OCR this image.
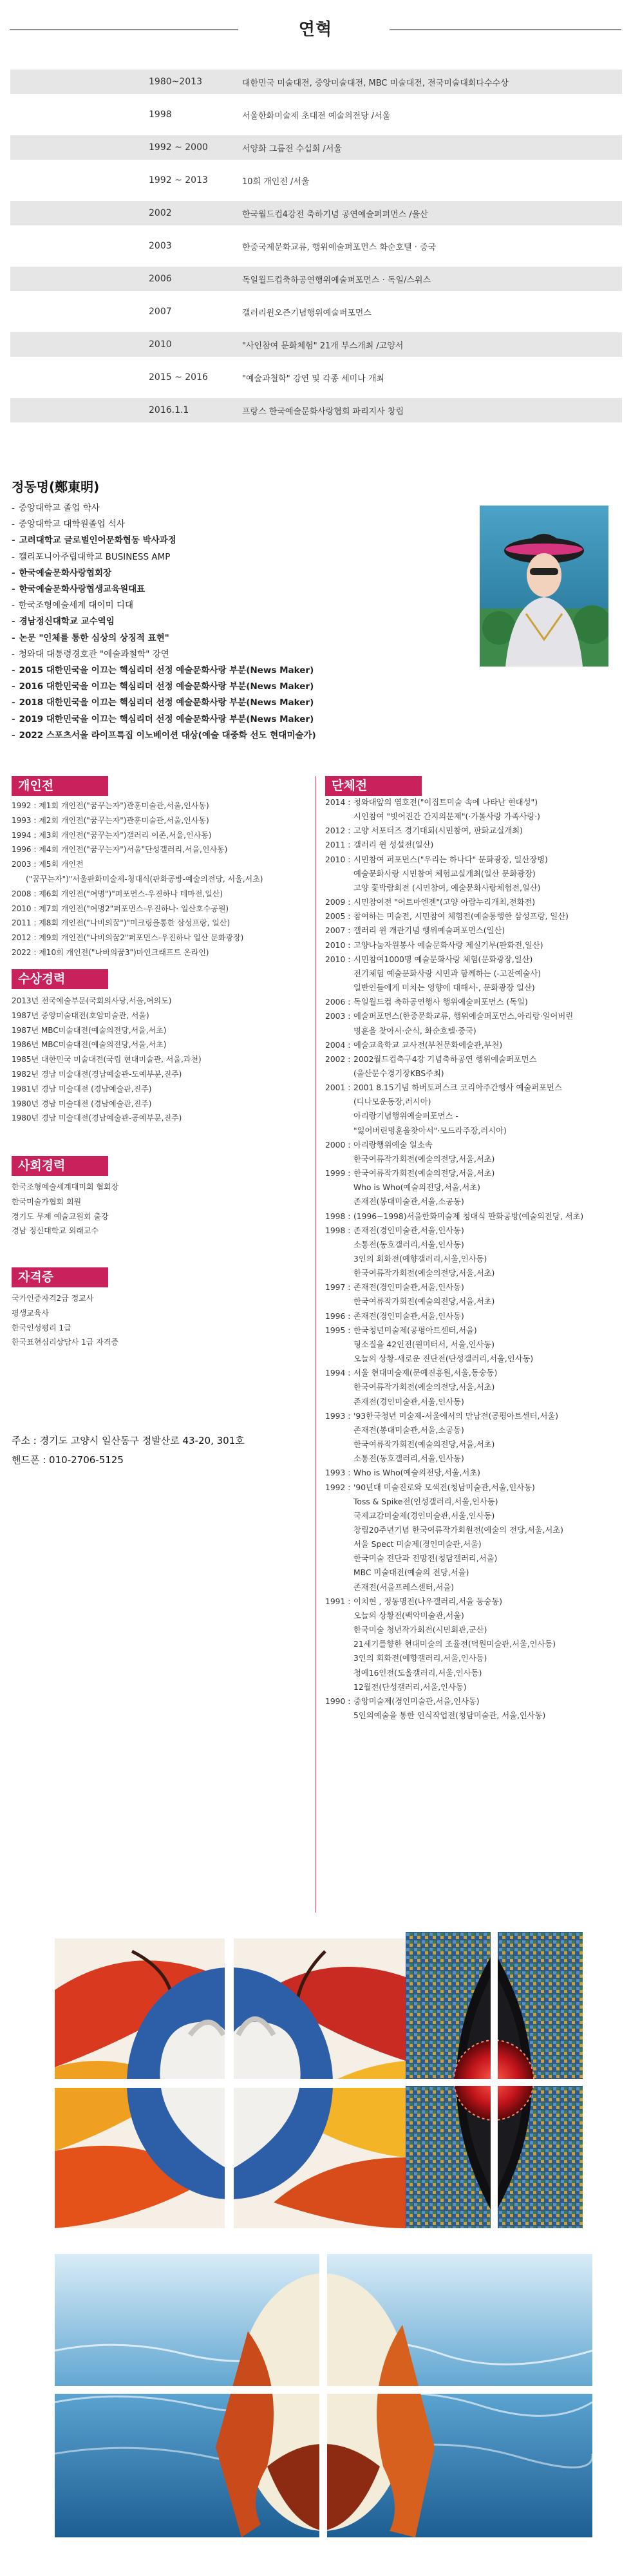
연혁
1980~2013	대한민국 미술대전, 중앙미술대전, MBC 미술대전, 전국미술대회다수수상
1998	서울한화미술제 초대전 예술의전당 /서울
1992 ~ 2000	서양화 그룹전 수십회 /서울
1992 ~ 2013	10회 개인전 /서울
2002	한국월드컵4강전 축하기념 공연예술퍼퍼먼스 /울산
2003	한중국제문화교류, 행위예술퍼포먼스 화순호텔 · 중국
2006	독일월드컵축하공연행위예술퍼포먼스 · 독일/스위스
2007	갤러리윈오즌기념행위예술퍼포먼스
2010	"사인참여 문화체험" 21개 부스개최 /고양서
2015 ~ 2016	"예술과철학" 강연 및 각종 세미나 개최
2016.1.1	프랑스 한국예술문화사랑협회 파리지사 창립
정동명(鄭東明)
- 중앙대학교 졸업 학사
- 중앙대학교 대학원졸업 석사
- 고려대학교 글로벌인어문화협동 박사과정
- 캘리포니아주립대학교 BUSINESS AMP
- 한국예술문화사랑협회장
- 한국예술문화사랑협생교육원대표
- 한국조형예술세계 대이미 디대
- 경남정신대학교 교수역임
- 논문 "인체를 통한 심상의 상징적 표현"
- 청와대 대통령경호관 "예술과철학" 강연
- 2015 대한민국을 이끄는 핵심리더 선정 예술문화사랑 부분(News Maker)
- 2016 대한민국을 이끄는 핵심리더 선정 예술문화사랑 부분(News Maker)
- 2018 대한민국을 이끄는 핵심리더 선정 예술문화사랑 부분(News Maker)
- 2019 대한민국을 이끄는 핵심리더 선정 예술문화사랑 부분(News Maker)
- 2022 스포츠서울 라이프특집 이노베이션 대상(예술 대중화 선도 현대미술가)
개인전
1992 : 제1회 개인전("꿈꾸는자")관훈미술관,서울,인사동)
1993 : 제2회 개인전("꿈꾸는자")관훈미술관,서울,인사동)
1994 : 제3회 개인전("꿈꾸는자")갤러리 이존,서울,인사동)
1996 : 제4회 개인전("꿈꾸는자")서울"단성갤러리,서울,인사동)
2003 : 제5회 개인전
("꿈꾸는자")"서울판화미술제-청대식(판화공방-예술의전당, 서울,서초)
2008 : 제6회 개인전("여명")"퍼포먼스-우진하나 테마전,일산)
2010 : 제7회 개인전("여명2"퍼포먼스-우진하나· 일산호수공원)
2011 : 제8회 개인전("나비의꿈")"미크링을통한 삼성프랑, 일산)
2012 : 제9회 개인전("나비의꿈2"퍼포먼스-우진하나 일산 문화광장)
2022 : 제10회 개인전("나비의꿈3")마인크래프트 온라인)
수상경력
2013년 전국예술부문(국회의사당,서울,여의도)
1987년 중앙미술대전(호암미술관, 서울)
1987년 MBC미술대전(예술의전당,서울,서초)
1986년 MBC미술대전(예술의전당,서울,서초)
1985년 대한민국 미술대전(국립 현대미술관, 서울,과천)
1982년 경남 미술대전(경남예술관-도예부분,진주)
1981년 경남 미술대전 (경남예술관,진주)
1980년 경남 미술대전 (경남예술관,진주)
1980년 경남 미술대전(경남예술관-공예부문,진주)
사회경력
한국조형예술세계대미회 협회장
한국미술가협회 회원
경기도 무제 예술교원회 출강
경남 정신대학교 외래교수
자격증
국가인증자격2급 정교사
평생교육사
한국인성평리 1급
한국표현심리상담사 1급 자격증
주소 : 경기도 고양시 일산동구 정발산로 43-20, 301호
핸드폰 : 010-2706-5125
단체전
2014 : 청와대앞의 염호전("이집트미술 속에 나타난 현대성")
시인참여 "빗어진간 간지의문제"(·가톨사랑 가족사랑·)
2012 : 고양 서포터즈 경기대회(시민참여, 판화교실개최)
2011 : 갤러리 윈 성설전(일산)
2010 : 시민참여 퍼포먼스("우리는 하나다" 문화광장, 일산장병)
예술문화사랑 시민참여 체험교실개최(일산 문화광장)
고양 꽃박람회전 (시민참여, 예술문화사랑체험전,일산)
2009 : 시민참여전 "어트마엔젠"(고양 아람누리개최,전화전)
2005 : 참여하는 미술전, 시민참여 체험전(예술통행한 삼성프랑, 일산)
2007 : 갤러리 윈 개관기념 행위예술퍼포먼스(일산)
2010 : 고양나눔자원봉사 예술문화사랑 제실기부(판화전,일산)
2010 : 시민참여1000명 예술문화사랑 체험(문화광장,일산)
전기체험 예술문화사랑 시민과 함께하는 (-고잔예술사)
일반인들에게 미치는 영향에 대해서·, 문화광장 일산)
2006 : 독일월드컵 축하공연행사 행위예술퍼포먼스 (독일)
2003 : 예술퍼포먼스(한중문화교류, 행위예술퍼포먼스,아리랑·일어버린
명훈을 찾아서·순식, 화순호텔·중국)
2004 : 예술교육학교 교사전(부천문화예술관,부천)
2002 : 2002월드컵축구4강 기념축하공연 행위예술퍼포먼스
(울산문수경기장KBS주최)
2001 : 2001 8.15기념 하버토퍼스크 코리아주간행사 예술퍼포먼스
(디나모운동장,러시아)
아리랑기념행위예술퍼포먼스 -
"잃어버린명훈을찾아서"·모드라주장,러시아)
2000 : 아리랑행위예술 일소속
한국여류작가회전(예술의전당,서울,서초)
1999 : 한국여류작가회전(예술의전당,서울,서초)
Who is Who(예술의전당,서울,서초)
존재전(봉대미술관,서울,소공동)
1998 : (1996~1998)서울한화미술제 청대식 판화공방(예술의전당, 서초)
1998 : 존재전(경인미술관,서울,인사동)
소통전(동호갤러리,서울,인사동)
3인의 회화전(예향갤러리,서울,인사동)
한국여류작가회전(예술의전당,서울,서초)
1997 : 존재전(경인미술관,서울,인사동)
한국여류작가회전(예술의전당,서울,서초)
1996 : 존재전(경인미술관,서울,인사동)
1995 : 한국청년미술제(공평아트센터,서울)
형소질을 42인전(원미터서, 서울,인사동)
오늘의 상황-새로운 진단전(단성갤러리,서울,인사동)
1994 : 서울 현대미술제(문예진흥원,서울,동숭동)
한국여류작가회전(예술의전당,서울,서초)
존재전(경인미술관,서울,인사동)
1993 : '93한국청년 미술제-서울에서의 만남전(공평아트센터,서울)
존재전(봉대미술관,서울,소공동)
한국여류작가회전(예술의전당,서울,서초)
소통전(동호갤러리,서울,인사동)
1993 : Who is Who(예술의전당,서울,서초)
1992 : '90년대 미술진로와 모색전(청남미술관,서울,인사동)
Toss & Spike전(인성갤러리,서울,인사동)
국제교감미술제(경인미술관,서울,인사동)
창립20주년기념 한국여류작가회원전(예술의 전당,서울,서초)
서울 Spect 미술제(경인미술관,서울)
한국미술 전단과 전망전(청담갤러리,서울)
MBC 미술대전(예술의 전당,서울)
존재전(서울프레스센터,서울)
1991 : 이치현 , 정동명전(나우갤러리,서울 동숭동)
오늘의 상황전(백악미술관,서울)
한국미술 청년작가회전(시민회관,군산)
21세기를향한 현대미술의 조율전(덕원미술관,서울,인사동)
3인의 회화전(예향갤러리,서울,인사동)
청예16인전(도올갤러리,서울,인사동)
12월전(단성갤러리,서울,인사동)
1990 : 중앙미술제(경인미술관,서울,인사동)
5인의예술을 통한 인식작업전(청담미술관, 서울,인사동)
